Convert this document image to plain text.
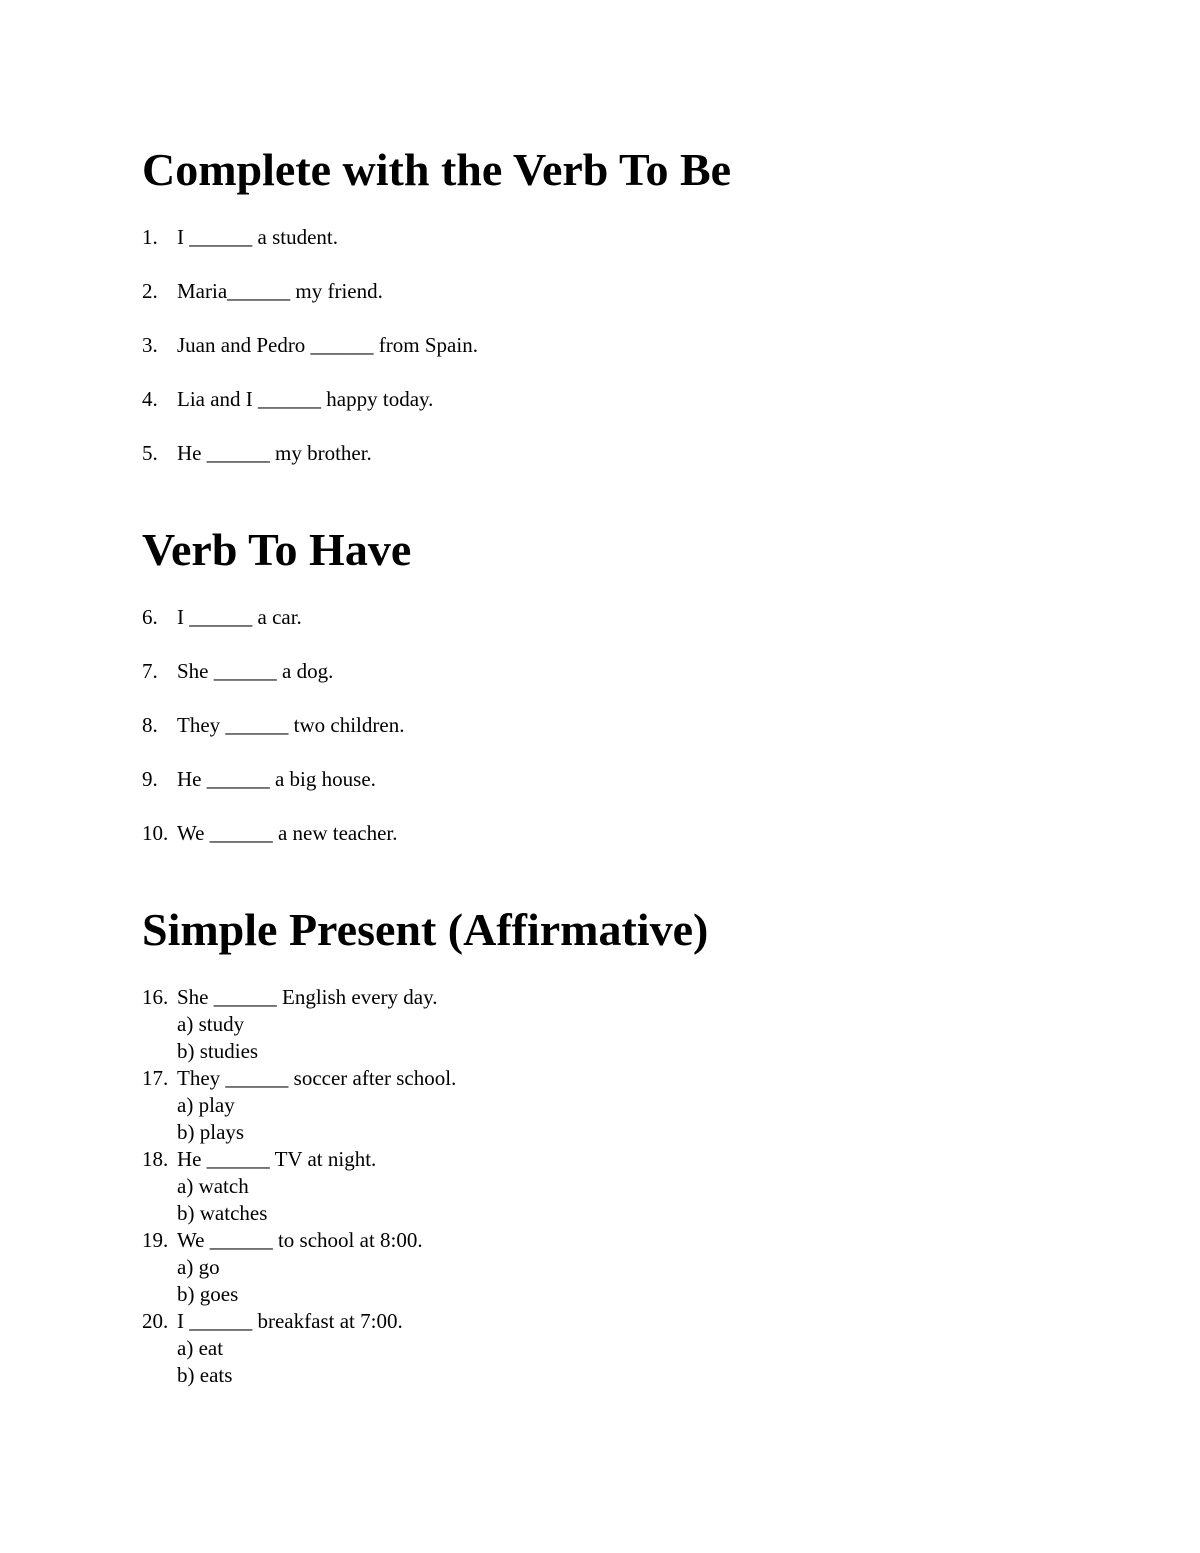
Complete with the Verb To Be
1. I ______ a student.
2. Maria______ my friend.
3. Juan and Pedro ______ from Spain.
4. Lia and I ______ happy today.
5. He ______ my brother.
Verb To Have
6. I ______ a car.
7. She ______ a dog.
8. They ______ two children.
9. He ______ a big house.
10. We ______ a new teacher.
Simple Present (Affirmative)
16. She ______ English every day.
a) study
b) studies
17. They ______ soccer after school.
a) play
b) plays
18. He ______ TV at night.
a) watch
b) watches
19. We ______ to school at 8:00.
a) go
b) goes
20. I ______ breakfast at 7:00.
a) eat
b) eats
